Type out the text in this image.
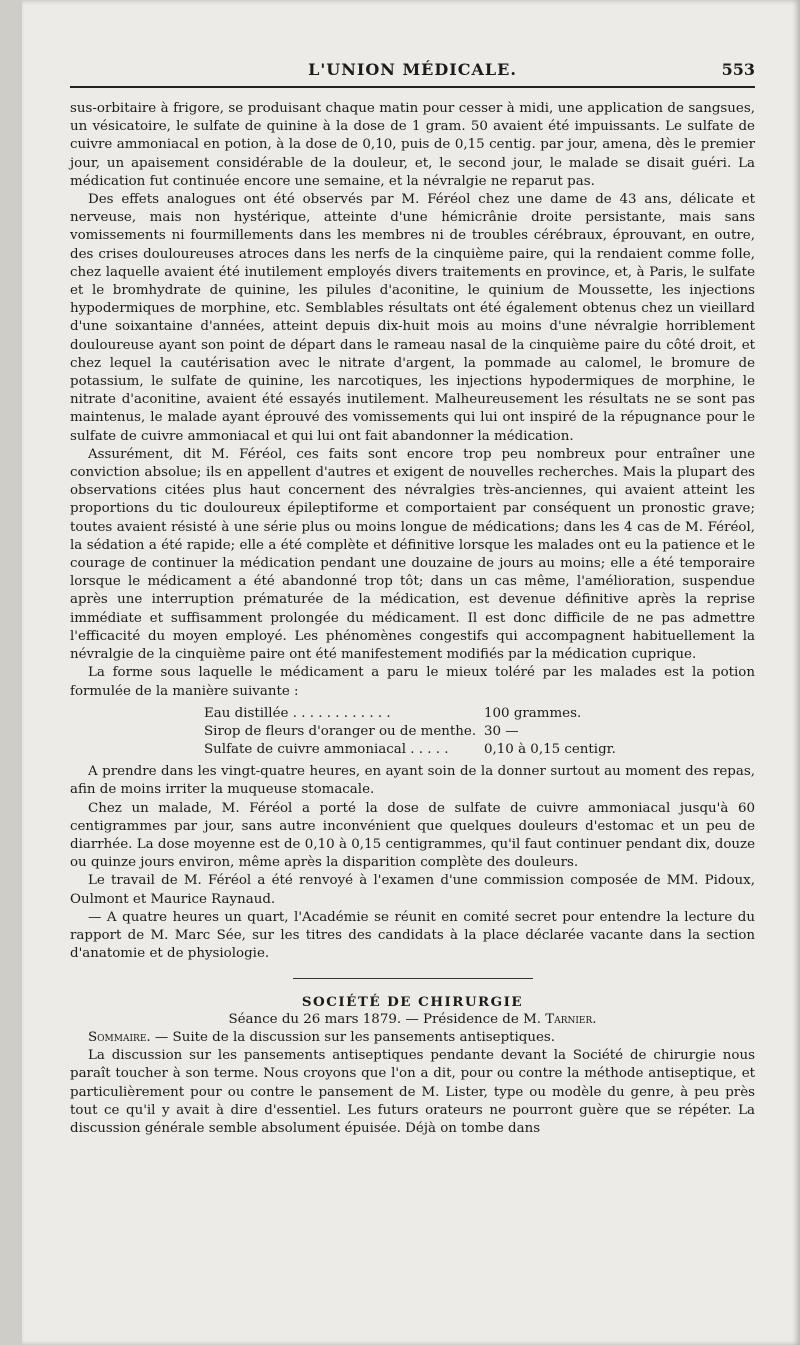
L'UNION MÉDICALE.	553

sus-orbitaire à frigore, se produisant chaque matin pour cesser à midi, une application de sangsues, un vésicatoire, le sulfate de quinine à la dose de 1 gram. 50 avaient été impuissants. Le sulfate de cuivre ammoniacal en potion, à la dose de 0,10, puis de 0,15 centig. par jour, amena, dès le premier jour, un apaisement considérable de la douleur, et, le second jour, le malade se disait guéri. La médication fut continuée encore une semaine, et la névralgie ne reparut pas.

Des effets analogues ont été observés par M. Féréol chez une dame de 43 ans, délicate et nerveuse, mais non hystérique, atteinte d'une hémicrânie droite persistante, mais sans vomissements ni fourmillements dans les membres ni de troubles cérébraux, éprouvant, en outre, des crises douloureuses atroces dans les nerfs de la cinquième paire, qui la rendaient comme folle, chez laquelle avaient été inutilement employés divers traitements en province, et, à Paris, le sulfate et le bromhydrate de quinine, les pilules d'aconitine, le quinium de Moussette, les injections hypodermiques de morphine, etc. Semblables résultats ont été également obtenus chez un vieillard d'une soixantaine d'années, atteint depuis dix-huit mois au moins d'une névralgie horriblement douloureuse ayant son point de départ dans le rameau nasal de la cinquième paire du côté droit, et chez lequel la cautérisation avec le nitrate d'argent, la pommade au calomel, le bromure de potassium, le sulfate de quinine, les narcotiques, les injections hypodermiques de morphine, le nitrate d'aconitine, avaient été essayés inutilement. Malheureusement les résultats ne se sont pas maintenus, le malade ayant éprouvé des vomissements qui lui ont inspiré de la répugnance pour le sulfate de cuivre ammoniacal et qui lui ont fait abandonner la médication.

Assurément, dit M. Féréol, ces faits sont encore trop peu nombreux pour entraîner une conviction absolue; ils en appellent d'autres et exigent de nouvelles recherches. Mais la plupart des observations citées plus haut concernent des névralgies très-anciennes, qui avaient atteint les proportions du tic douloureux épileptiforme et comportaient par conséquent un pronostic grave; toutes avaient résisté à une série plus ou moins longue de médications; dans les 4 cas de M. Féréol, la sédation a été rapide; elle a été complète et définitive lorsque les malades ont eu la patience et le courage de continuer la médication pendant une douzaine de jours au moins; elle a été temporaire lorsque le médicament a été abandonné trop tôt; dans un cas même, l'amélioration, suspendue après une interruption prématurée de la médication, est devenue définitive après la reprise immédiate et suffisamment prolongée du médicament. Il est donc difficile de ne pas admettre l'efficacité du moyen employé. Les phénomènes congestifs qui accompagnent habituellement la névralgie de la cinquième paire ont été manifestement modifiés par la médication cuprique.

La forme sous laquelle le médicament a paru le mieux toléré par les malades est la potion formulée de la manière suivante :

Eau distillée . . . . . . . . . . . .	100 grammes.
Sirop de fleurs d'oranger ou de menthe. 30 —
Sulfate de cuivre ammoniacal . . . . .	0,10 à 0,15 centigr.

A prendre dans les vingt-quatre heures, en ayant soin de la donner surtout au moment des repas, afin de moins irriter la muqueuse stomacale.

Chez un malade, M. Féréol a porté la dose de sulfate de cuivre ammoniacal jusqu'à 60 centigrammes par jour, sans autre inconvénient que quelques douleurs d'estomac et un peu de diarrhée. La dose moyenne est de 0,10 à 0,15 centigrammes, qu'il faut continuer pendant dix, douze ou quinze jours environ, même après la disparition complète des douleurs.

Le travail de M. Féréol a été renvoyé à l'examen d'une commission composée de MM. Pidoux, Oulmont et Maurice Raynaud.

— A quatre heures un quart, l'Académie se réunit en comité secret pour entendre la lecture du rapport de M. Marc Sée, sur les titres des candidats à la place déclarée vacante dans la section d'anatomie et de physiologie.

SOCIÉTÉ DE CHIRURGIE

Séance du 26 mars 1879. — Présidence de M. Tarnier.

Sommaire. — Suite de la discussion sur les pansements antiseptiques.

La discussion sur les pansements antiseptiques pendante devant la Société de chirurgie nous paraît toucher à son terme. Nous croyons que l'on a dit, pour ou contre la méthode antiseptique, et particulièrement pour ou contre le pansement de M. Lister, type ou modèle du genre, à peu près tout ce qu'il y avait à dire d'essentiel. Les futurs orateurs ne pourront guère que se répéter. La discussion générale semble absolument épuisée. Déjà on tombe dans
